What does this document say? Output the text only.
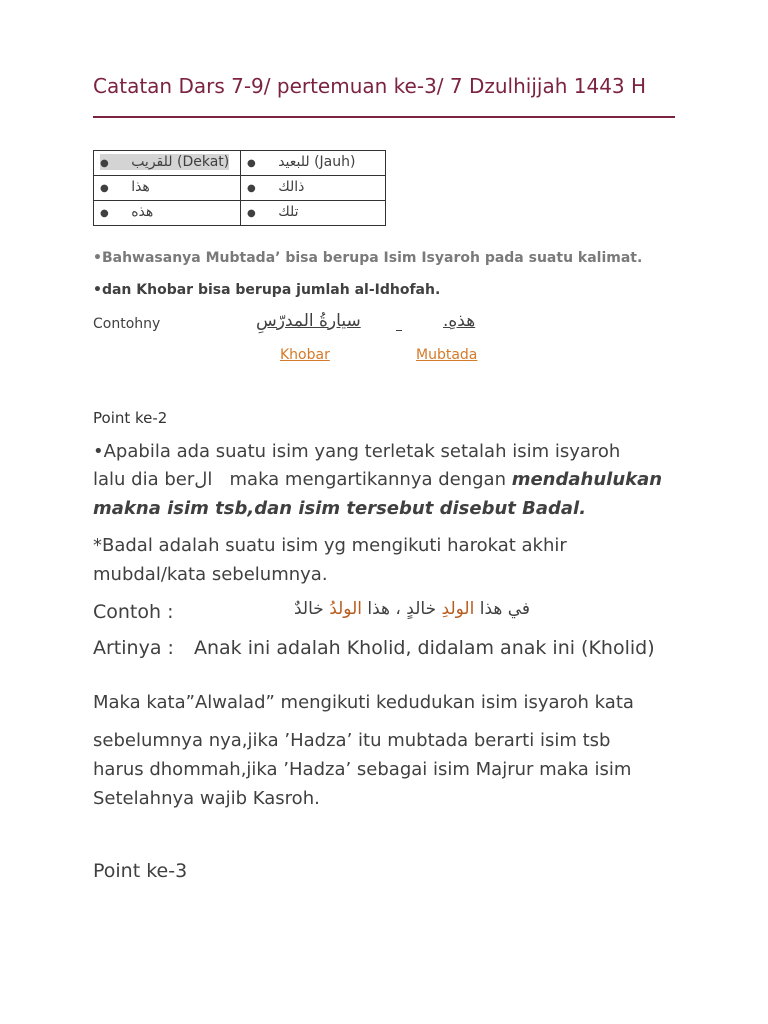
Catatan Dars 7-9/ pertemuan ke-3/ 7 Dzulhijjah 1443 H
● للقريب (Dekat)	● للبعيد (Jauh)
● هذا	● ذالك
● هذه	● تلك
•Bahwasanya Mubtada’ bisa berupa Isim Isyaroh pada suatu kalimat.
•dan Khobar bisa berupa jumlah al-Idhofah.
Contohny	سيارةُ المدرّسِ	هذهِ.
Khobar	Mubtada
Point ke-2
•Apabila ada suatu isim yang terletak setalah isim isyaroh
lalu dia berال   maka mengartikannya dengan mendahulukan
makna isim tsb,dan isim tersebut disebut Badal.
*Badal adalah suatu isim yg mengikuti harokat akhir
mubdal/kata sebelumnya.
Contoh :	في هذا الولدِ خالدٍ ، هذا الولدُ خالدٌ
Artinya : Anak ini adalah Kholid, didalam anak ini (Kholid)
Maka kata”Alwalad” mengikuti kedudukan isim isyaroh kata
sebelumnya nya,jika ’Hadza’ itu mubtada berarti isim tsb
harus dhommah,jika ’Hadza’ sebagai isim Majrur maka isim
Setelahnya wajib Kasroh.
Point ke-3
